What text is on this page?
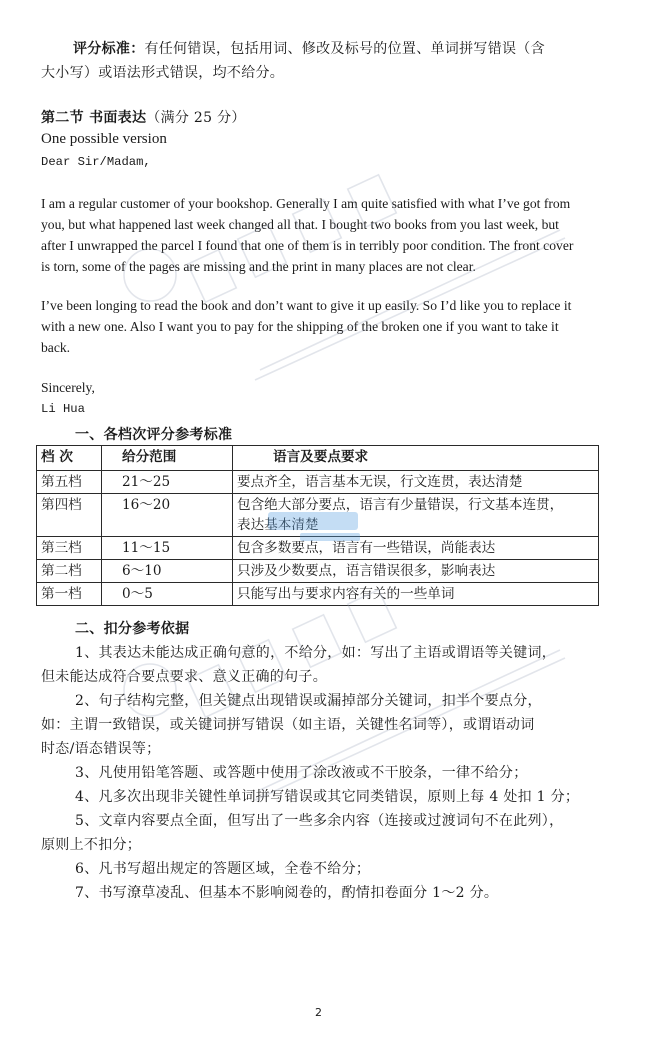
评分标准：有任何错误，包括用词、修改及标号的位置、单词拼写错误（含
大小写）或语法形式错误，均不给分。
第二节 书面表达（满分 25 分）
One possible version
Dear Sir/Madam,
I am a regular customer of your bookshop. Generally I am quite satisfied with what I’ve got from
you, but what happened last week changed all that. I bought two books from you last week, but
after I unwrapped the parcel I found that one of them is in terribly poor condition. The front cover
is torn, some of the pages are missing and the print in many places are not clear.
I’ve been longing to read the book and don’t want to give it up easily. So I’d like you to replace it
with a new one. Also I want you to pay for the shipping of the broken one if you want to take it
back.
Sincerely,
Li Hua
一、各档次评分参考标准
档 次	给分范围	语言及要点要求
第五档	21～25	要点齐全，语言基本无误，行文连贯，表达清楚
第四档	16～20	包含绝大部分要点，语言有少量错误，行文基本连贯，
表达基本清楚

第三档	11～15	包含多数要点，语言有一些错误，尚能表达
第二档	6～10	只涉及少数要点，语言错误很多，影响表达
第一档	0～5	只能写出与要求内容有关的一些单词
二、扣分参考依据
1、其表达未能达成正确句意的，不给分，如：写出了主语或谓语等关键词，
但未能达成符合要点要求、意义正确的句子。
2、句子结构完整，但关键点出现错误或漏掉部分关键词，扣半个要点分，
如：主谓一致错误，或关键词拼写错误（如主语，关键性名词等），或谓语动词
时态/语态错误等；
3、凡使用铅笔答题、或答题中使用了涂改液或不干胶条，一律不给分；
4、凡多次出现非关键性单词拼写错误或其它同类错误，原则上每 4 处扣 1 分；
5、文章内容要点全面，但写出了一些多余内容（连接或过渡词句不在此列），
原则上不扣分；
6、凡书写超出规定的答题区域，全卷不给分；
7、书写潦草凌乱、但基本不影响阅卷的，酌情扣卷面分 1～2 分。
2
